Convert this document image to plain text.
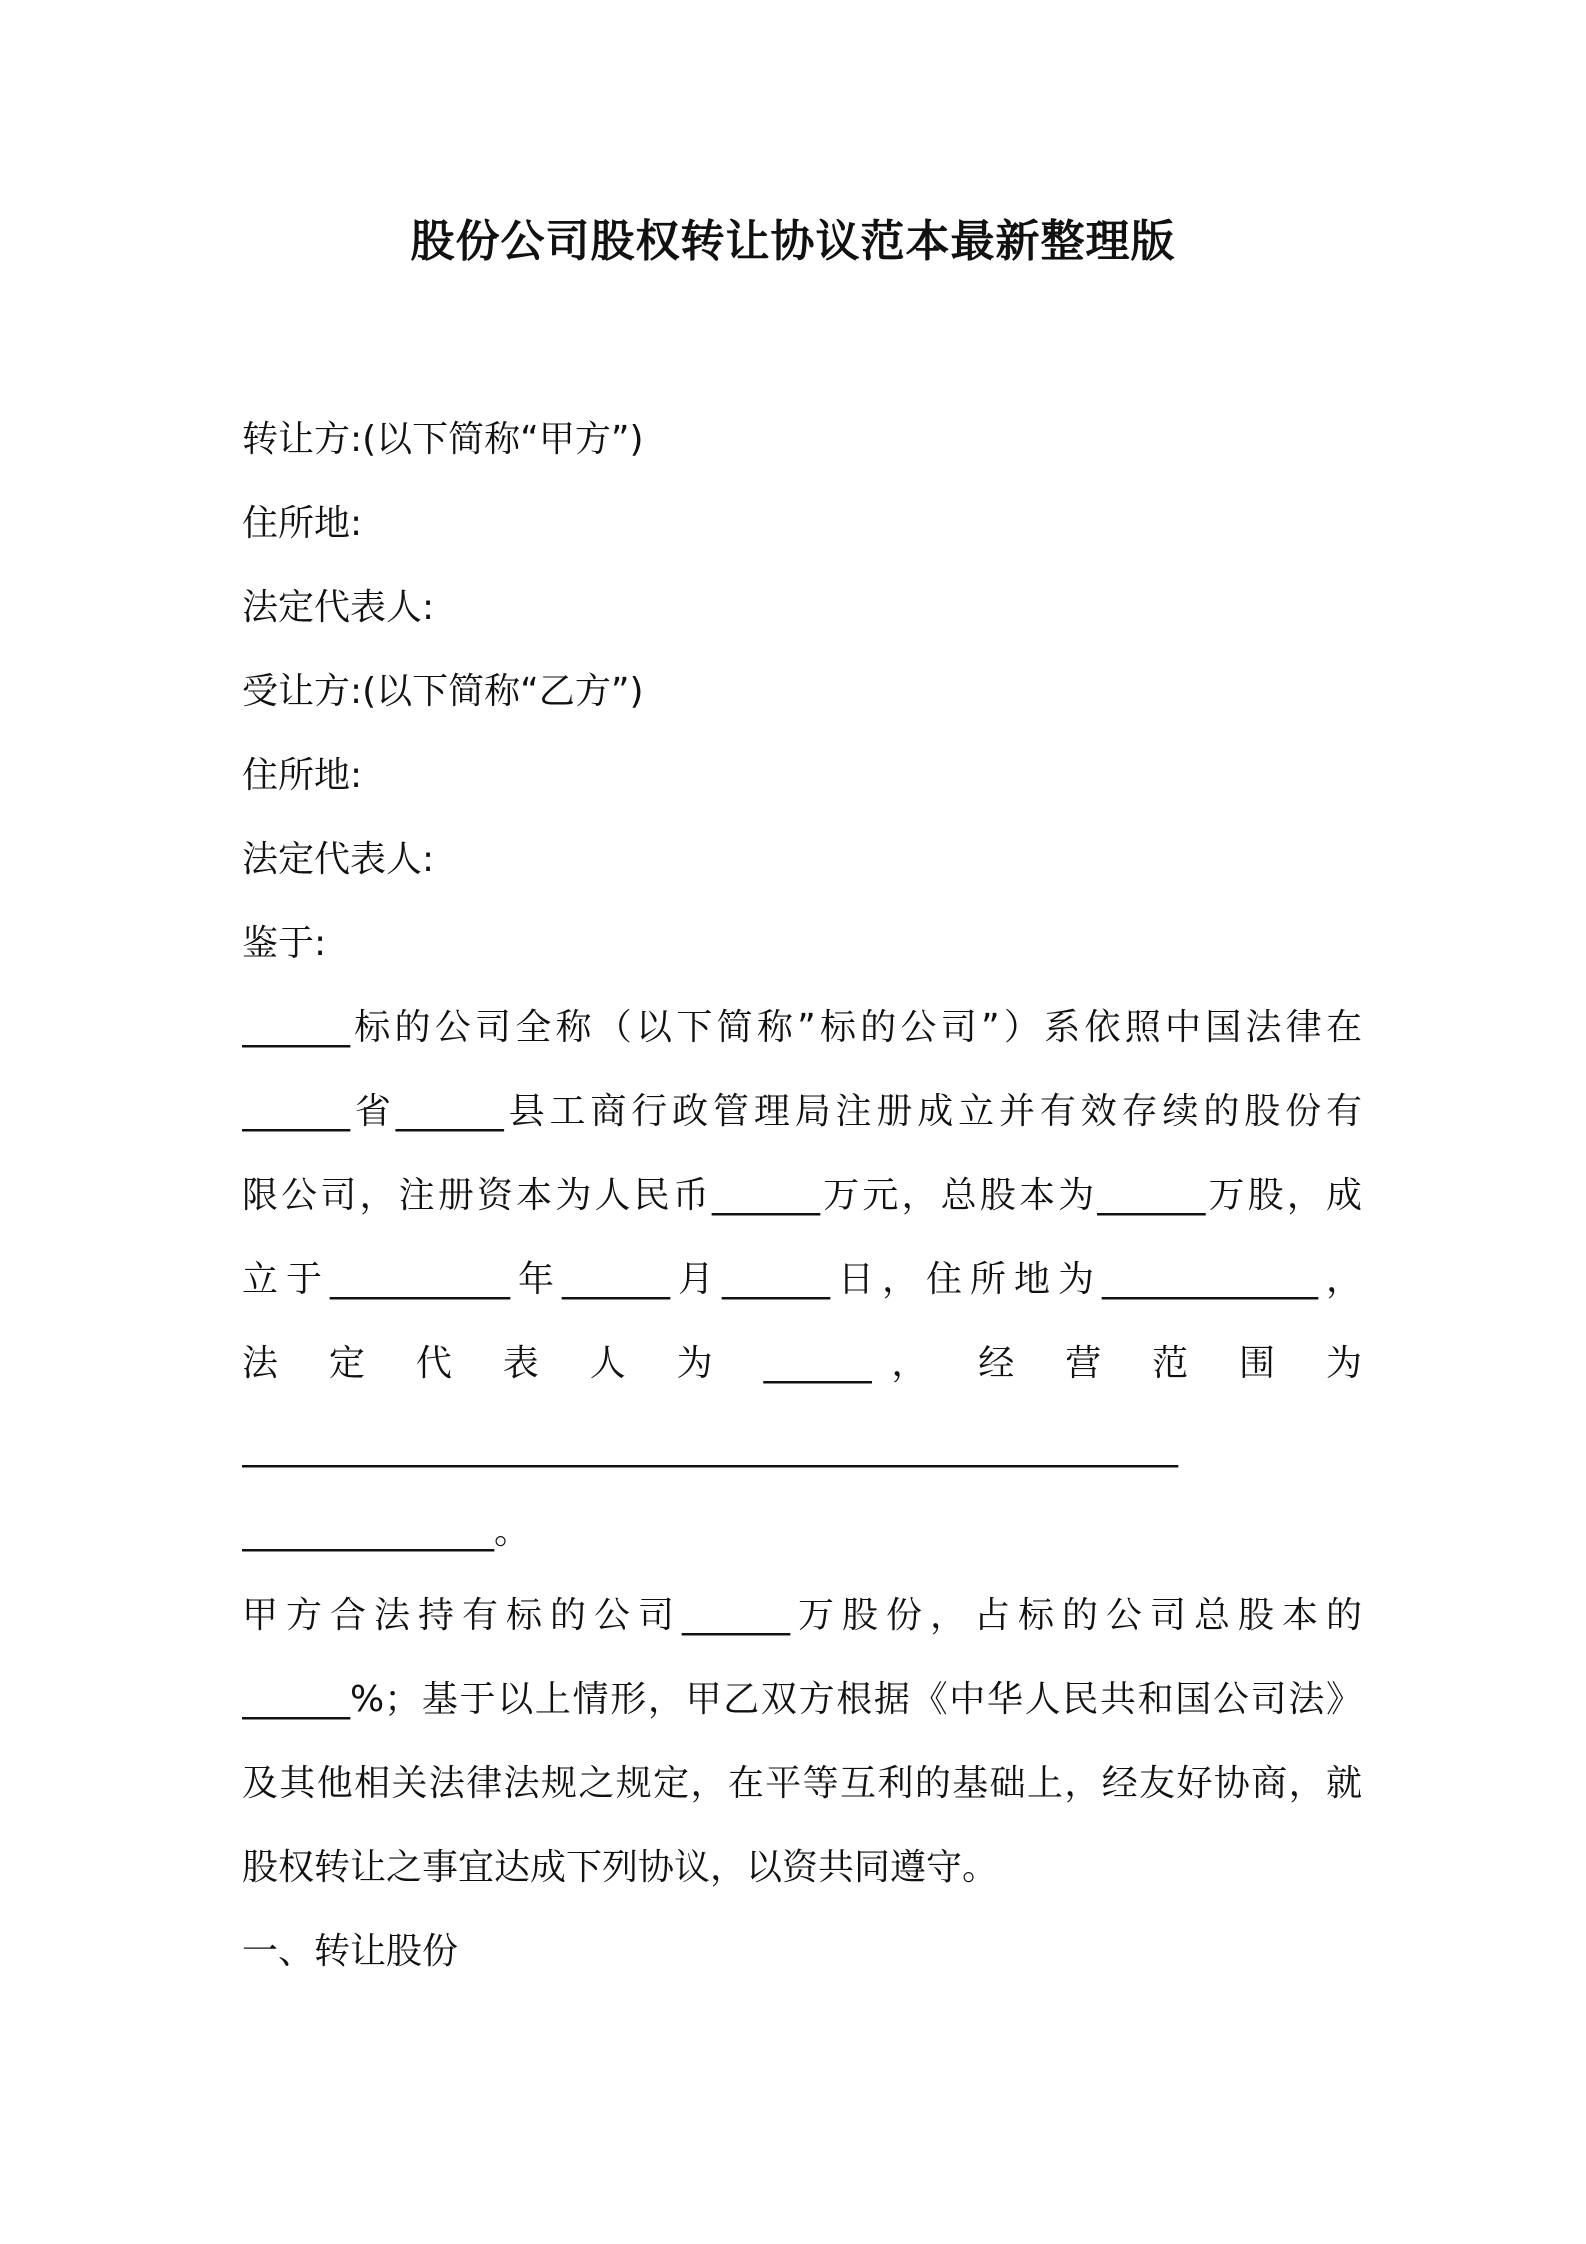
股份公司股权转让协议范本最新整理版
转让方:(以下简称“甲方”)
住所地:
法定代表人:
受让方:(以下简称“乙方”)
住所地:
法定代表人:
鉴于:
______标的公司全称（以下简称”标的公司”）系依照中国法律在
______省______县工商行政管理局注册成立并有效存续的股份有
限公司，注册资本为人民币______万元，总股本为______万股，成
立于__________年______月______日，住所地为____________，
法 定 代 表 人 为 ______， 经 营 范 围 为
____________________________________________________
______________。
甲方合法持有标的公司______万股份，占标的公司总股本的
______%；基于以上情形，甲乙双方根据《中华人民共和国公司法》
及其他相关法律法规之规定，在平等互利的基础上，经友好协商，就
股权转让之事宜达成下列协议，以资共同遵守。
一、转让股份
